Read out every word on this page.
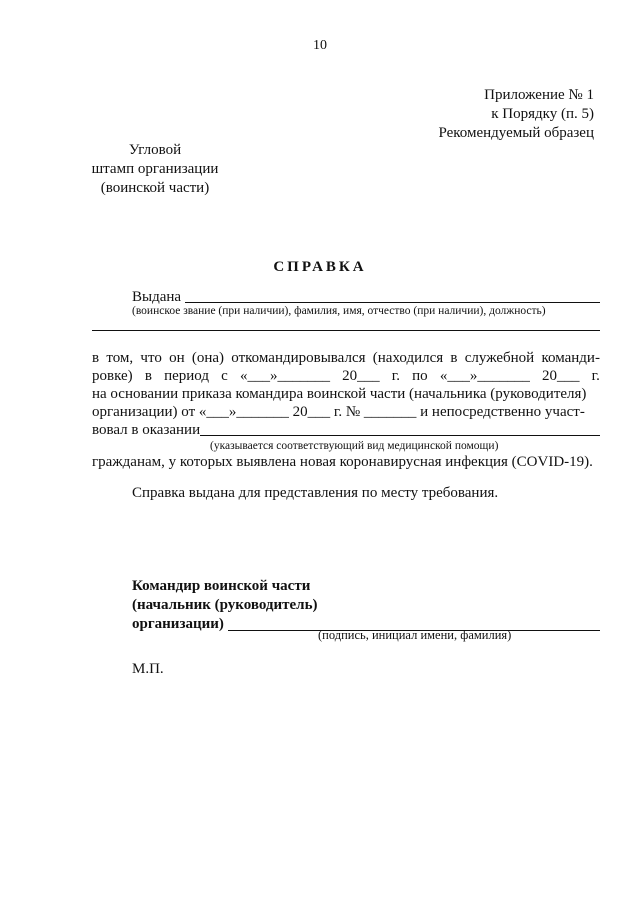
10
Приложение № 1
к Порядку (п. 5)
Рекомендуемый образец
Угловой
штамп организации
(воинской части)
СПРАВКА
Выдана
(воинское звание (при наличии), фамилия, имя, отчество (при наличии), должность)
в том, что он (она) откомандировывался (находился в служебной команди-
ровке) в период с «___»_______ 20___ г. по «___»_______ 20___ г.
на основании приказа командира воинской части (начальника (руководителя)
организации) от «___»_______ 20___ г. № _______ и непосредственно участ-
вовал в оказании
(указывается соответствующий вид медицинской помощи)
гражданам, у которых выявлена новая коронавирусная инфекция (COVID-19).
Справка выдана для представления по месту требования.
Командир воинской части
(начальник (руководитель)
организации)
(подпись, инициал имени, фамилия)
М.П.
